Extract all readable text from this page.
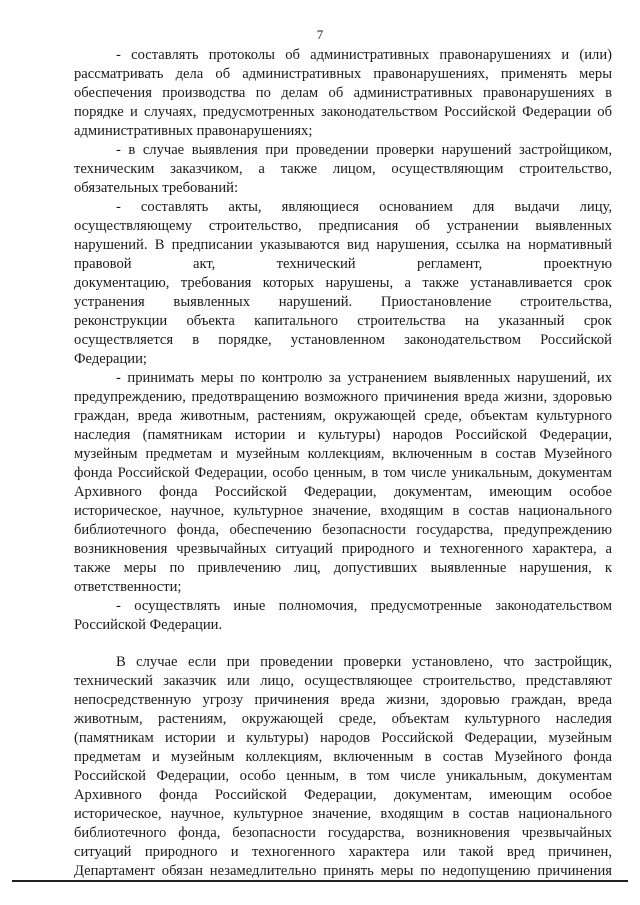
7
- составлять протоколы об административных правонарушениях и (или)
рассматривать дела об административных правонарушениях, применять меры
обеспечения производства по делам об административных правонарушениях в
порядке и случаях, предусмотренных законодательством Российской Федерации об
административных правонарушениях;
- в случае выявления при проведении проверки нарушений застройщиком,
техническим заказчиком, а также лицом, осуществляющим строительство,
обязательных требований:
- составлять акты, являющиеся основанием для выдачи лицу,
осуществляющему строительство, предписания об устранении выявленных
нарушений. В предписании указываются вид нарушения, ссылка на нормативный
правовой акт, технический регламент, проектную
документацию, требования которых нарушены, а также устанавливается срок
устранения выявленных нарушений. Приостановление строительства,
реконструкции объекта капитального строительства на указанный срок
осуществляется в порядке, установленном законодательством Российской
Федерации;
- принимать меры по контролю за устранением выявленных нарушений, их
предупреждению, предотвращению возможного причинения вреда жизни, здоровью
граждан, вреда животным, растениям, окружающей среде, объектам культурного
наследия (памятникам истории и культуры) народов Российской Федерации,
музейным предметам и музейным коллекциям, включенным в состав Музейного
фонда Российской Федерации, особо ценным, в том числе уникальным, документам
Архивного фонда Российской Федерации, документам, имеющим особое
историческое, научное, культурное значение, входящим в состав национального
библиотечного фонда, обеспечению безопасности государства, предупреждению
возникновения чрезвычайных ситуаций природного и техногенного характера, а
также меры по привлечению лиц, допустивших выявленные нарушения, к
ответственности;
- осуществлять иные полномочия, предусмотренные законодательством
Российской Федерации.
В случае если при проведении проверки установлено, что застройщик,
технический заказчик или лицо, осуществляющее строительство, представляют
непосредственную угрозу причинения вреда жизни, здоровью граждан, вреда
животным, растениям, окружающей среде, объектам культурного наследия
(памятникам истории и культуры) народов Российской Федерации, музейным
предметам и музейным коллекциям, включенным в состав Музейного фонда
Российской Федерации, особо ценным, в том числе уникальным, документам
Архивного фонда Российской Федерации, документам, имеющим особое
историческое, научное, культурное значение, входящим в состав национального
библиотечного фонда, безопасности государства, возникновения чрезвычайных
ситуаций природного и техногенного характера или такой вред причинен,
Департамент обязан незамедлительно принять меры по недопущению причинения
